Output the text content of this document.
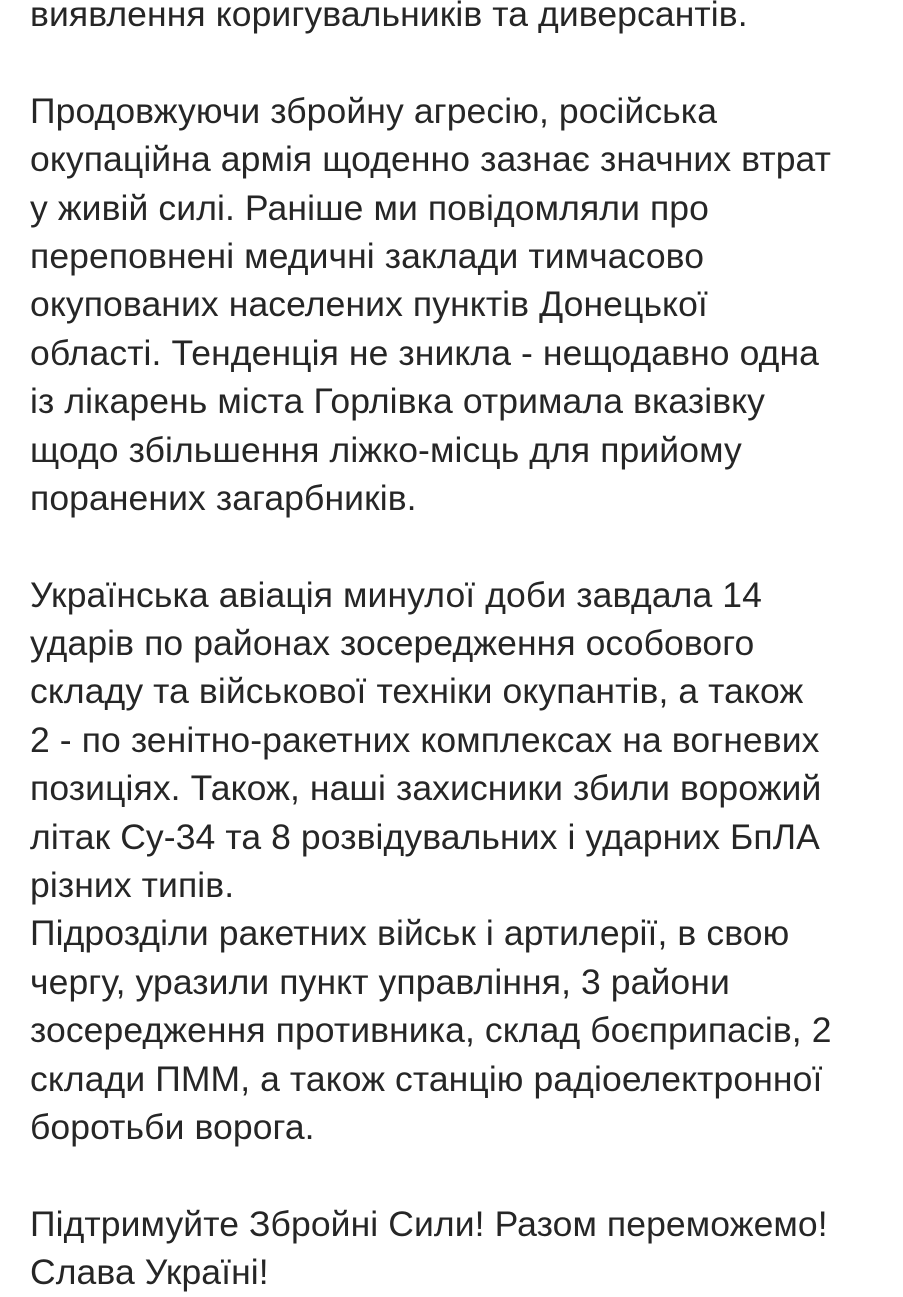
виявлення коригувальників та диверсантів.
Продовжуючи збройну агресію, російська
окупаційна армія щоденно зазнає значних втрат
у живій силі. Раніше ми повідомляли про
переповнені медичні заклади тимчасово
окупованих населених пунктів Донецької
області. Тенденція не зникла - нещодавно одна
із лікарень міста Горлівка отримала вказівку
щодо збільшення ліжко-місць для прийому
поранених загарбників.
Українська авіація минулої доби завдала 14
ударів по районах зосередження особового
складу та військової техніки окупантів, а також
2 - по зенітно-ракетних комплексах на вогневих
позиціях. Також, наші захисники збили ворожий
літак Су-34 та 8 розвідувальних і ударних БпЛА
різних типів.
Підрозділи ракетних військ і артилерії, в свою
чергу, уразили пункт управління, 3 райони
зосередження противника, склад боєприпасів, 2
склади ПММ, а також станцію радіоелектронної
боротьби ворога.
Підтримуйте Збройні Сили! Разом переможемо!
Слава Україні!
